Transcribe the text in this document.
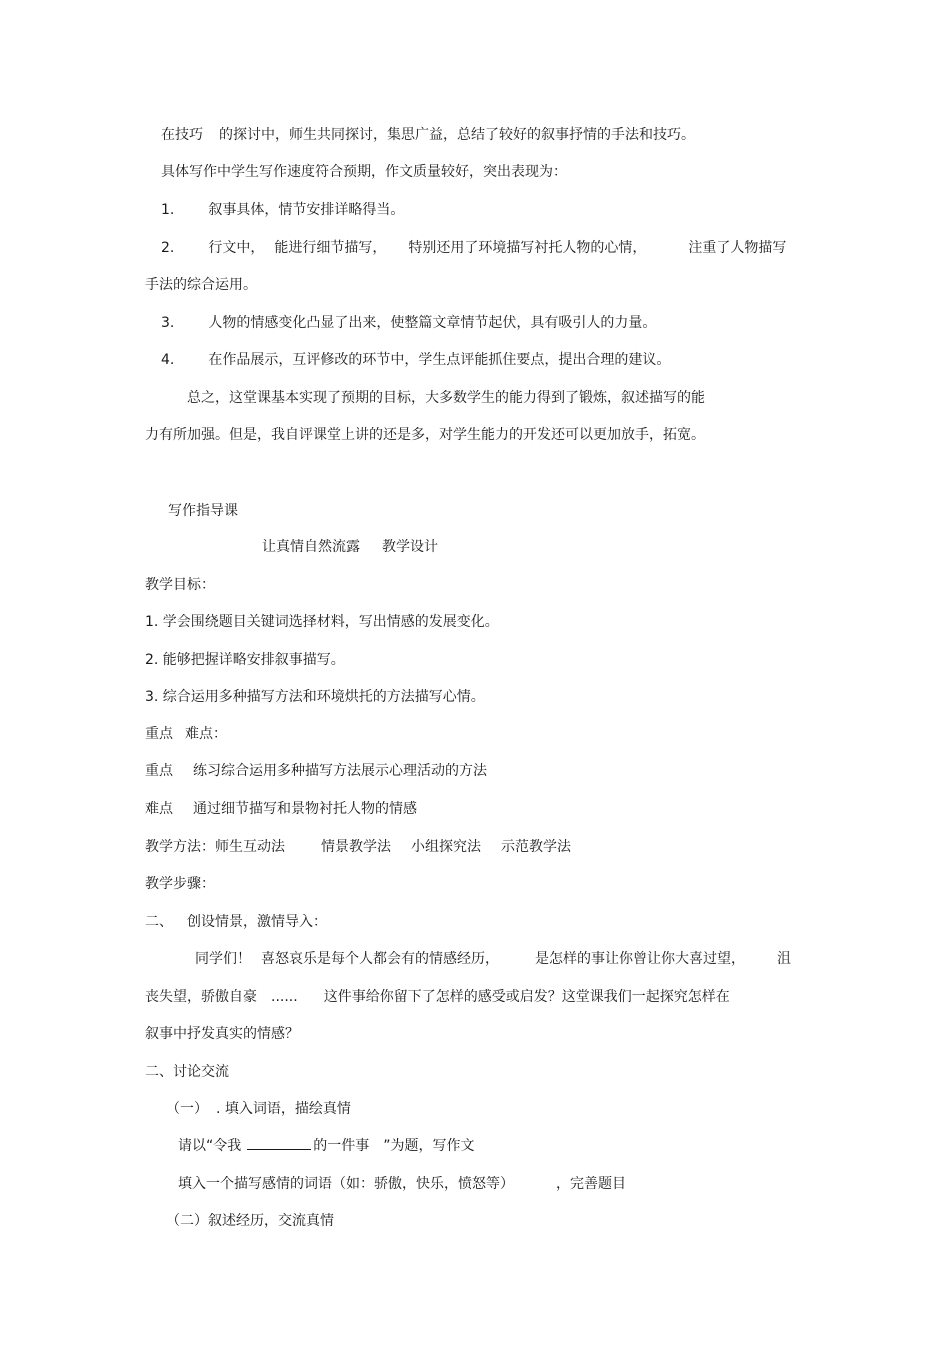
在技巧 的探讨中，师生共同探讨，集思广益，总结了较好的叙事抒情的手法和技巧。
具体写作中学生写作速度符合预期，作文质量较好，突出表现为：
1. 叙事具体，情节安排详略得当。
2. 行文中， 能进行细节描写， 特别还用了环境描写衬托人物的心情，	注重了人物描写
手法的综合运用。
3. 人物的情感变化凸显了出来，使整篇文章情节起伏，具有吸引人的力量。
4. 在作品展示，互评修改的环节中，学生点评能抓住要点，提出合理的建议。
总之，这堂课基本实现了预期的目标，大多数学生的能力得到了锻炼，叙述描写的能
力有所加强。但是，我自评课堂上讲的还是多，对学生能力的开发还可以更加放手，拓宽。
写作指导课
让真情自然流露 教学设计
教学目标：
1. 学会围绕题目关键词选择材料，写出情感的发展变化。
2. 能够把握详略安排叙事描写。
3. 综合运用多种描写方法和环境烘托的方法描写心情。
重点 难点：
重点 练习综合运用多种描写方法展示心理活动的方法
难点 通过细节描写和景物衬托人物的情感
教学方法：师生互动法	情景教学法 小组探究法 示范教学法
教学步骤：
二、 创设情景，激情导入：
同学们！ 喜怒哀乐是每个人都会有的情感经历，	是怎样的事让你曾让你大喜过望， 沮
丧失望，骄傲自豪 ...... 这件事给你留下了怎样的感受或启发？这堂课我们一起探究怎样在
叙事中抒发真实的情感？
二、讨论交流
（一） . 填入词语，描绘真情
请以“令我	的一件事 ”为题，写作文
填入一个描写感情的词语（如：骄傲，快乐，愤怒等）	，完善题目
（二）叙述经历，交流真情
